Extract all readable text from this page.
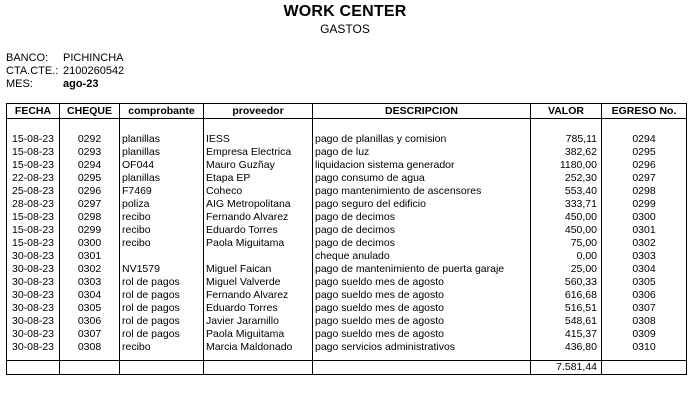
WORK CENTER
GASTOS
BANCO: PICHINCHA
CTA.CTE.: 2100260542
MES:	ago-23
FECHA	CHEQUE	comprobante	proveedor	DESCRIPCION	VALOR	EGRESO No.

15-08-23	0292	planillas	IESS	pago de planillas y comision	785,11	0294
15-08-23	0293	planillas	Empresa Electrica	pago de luz	382,62	0295
15-08-23	0294	OF044	Mauro Guzñay	liquidacion sistema generador	1180,00	0296
22-08-23	0295	planillas	Etapa EP	pago consumo de agua	252,30	0297
25-08-23	0296	F7469	Coheco	pago mantenimiento de ascensores	553,40	0298
28-08-23	0297	poliza	AIG Metropolitana	pago seguro del edificio	333,71	0299
15-08-23	0298	recibo	Fernando Alvarez	pago de decimos	450,00	0300
15-08-23	0299	recibo	Eduardo Torres	pago de decimos	450,00	0301
15-08-23	0300	recibo	Paola Miguitama	pago de decimos	75,00	0302
30-08-23	0301			cheque anulado	0,00	0303
30-08-23	0302	NV1579	Miguel Faican	pago de mantenimiento de puerta garaje	25,00	0304
30-08-23	0303	rol de pagos	Miguel Valverde	pago sueldo mes de agosto	560,33	0305
30-08-23	0304	rol de pagos	Fernando Alvarez	pago sueldo mes de agosto	616,68	0306
30-08-23	0305	rol de pagos	Eduardo Torres	pago sueldo mes de agosto	516,51	0307
30-08-23	0306	rol de pagos	Javier Jaramillo	pago sueldo mes de agosto	548,61	0308
30-08-23	0307	rol de pagos	Paola Miguitama	pago sueldo mes de agosto	415,37	0309
30-08-23	0308	recibo	Marcia Maldonado	pago servicios administrativos	436,80	0310

					7.581,44	
